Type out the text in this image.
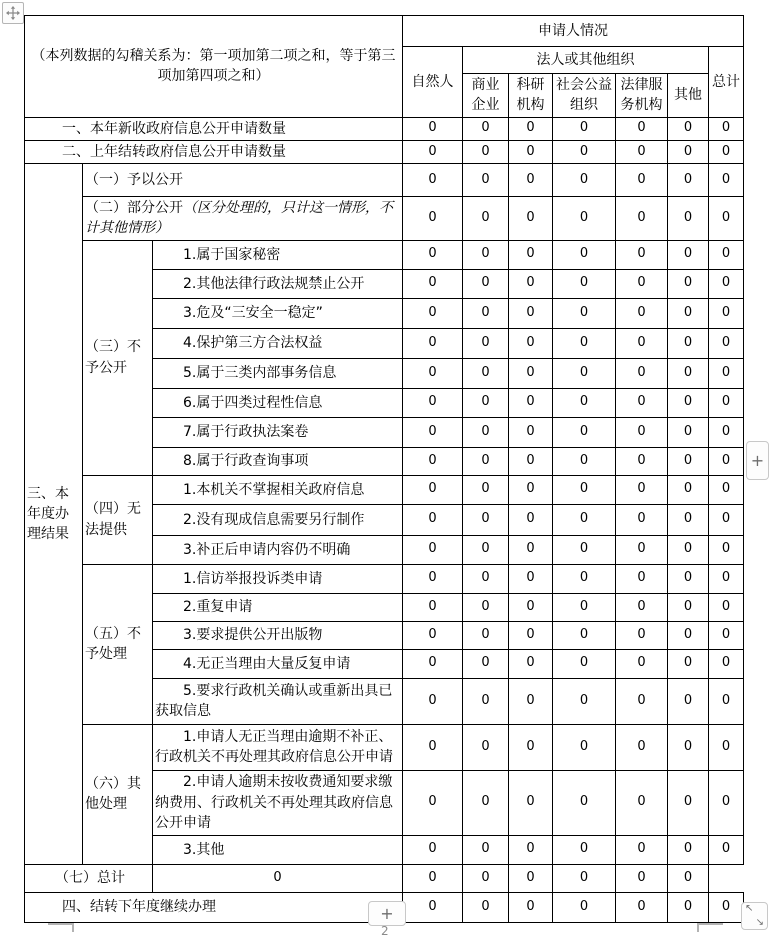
（本列数据的勾稽关系为：第一项加第二项之和，等于第三项加第四项之和）			申请人情况						
			自然人	法人或其他组织					总计
				商业企业	科研机构	社会公益组织	法律服务机构	其他	
一、本年新收政府信息公开申请数量			0	0	0	0	0	0	0
二、上年结转政府信息公开申请数量			0	0	0	0	0	0	0
三、本年度办理结果	（一）予以公开		0	0	0	0	0	0	0
	（二）部分公开（区分处理的，只计这一情形，不计其他情形）		0	0	0	0	0	0	0
	（三）不予公开	1.属于国家秘密	0	0	0	0	0	0	0
		2.其他法律行政法规禁止公开	0	0	0	0	0	0	0
		3.危及“三安全一稳定”	0	0	0	0	0	0	0
		4.保护第三方合法权益	0	0	0	0	0	0	0
		5.属于三类内部事务信息	0	0	0	0	0	0	0
		6.属于四类过程性信息	0	0	0	0	0	0	0
		7.属于行政执法案卷	0	0	0	0	0	0	0
		8.属于行政查询事项	0	0	0	0	0	0	0
	（四）无法提供	1.本机关不掌握相关政府信息	0	0	0	0	0	0	0
		2.没有现成信息需要另行制作	0	0	0	0	0	0	0
		3.补正后申请内容仍不明确	0	0	0	0	0	0	0
	（五）不予处理	1.信访举报投诉类申请	0	0	0	0	0	0	0
		2.重复申请	0	0	0	0	0	0	0
		3.要求提供公开出版物	0	0	0	0	0	0	0
		4.无正当理由大量反复申请	0	0	0	0	0	0	0
		5.要求行政机关确认或重新出具已获取信息	0	0	0	0	0	0	0
	（六）其他处理	1.申请人无正当理由逾期不补正、行政机关不再处理其政府信息公开申请	0	0	0	0	0	0	0
		2.申请人逾期未按收费通知要求缴纳费用、行政机关不再处理其政府信息公开申请	0	0	0	0	0	0	0
		3.其他	0	0	0	0	0	0	0
（七）总计		0	0	0	0	0	0	0	
四、结转下年度继续办理			0	0	0	0	0	0	0
+
+	↖
↘
2
